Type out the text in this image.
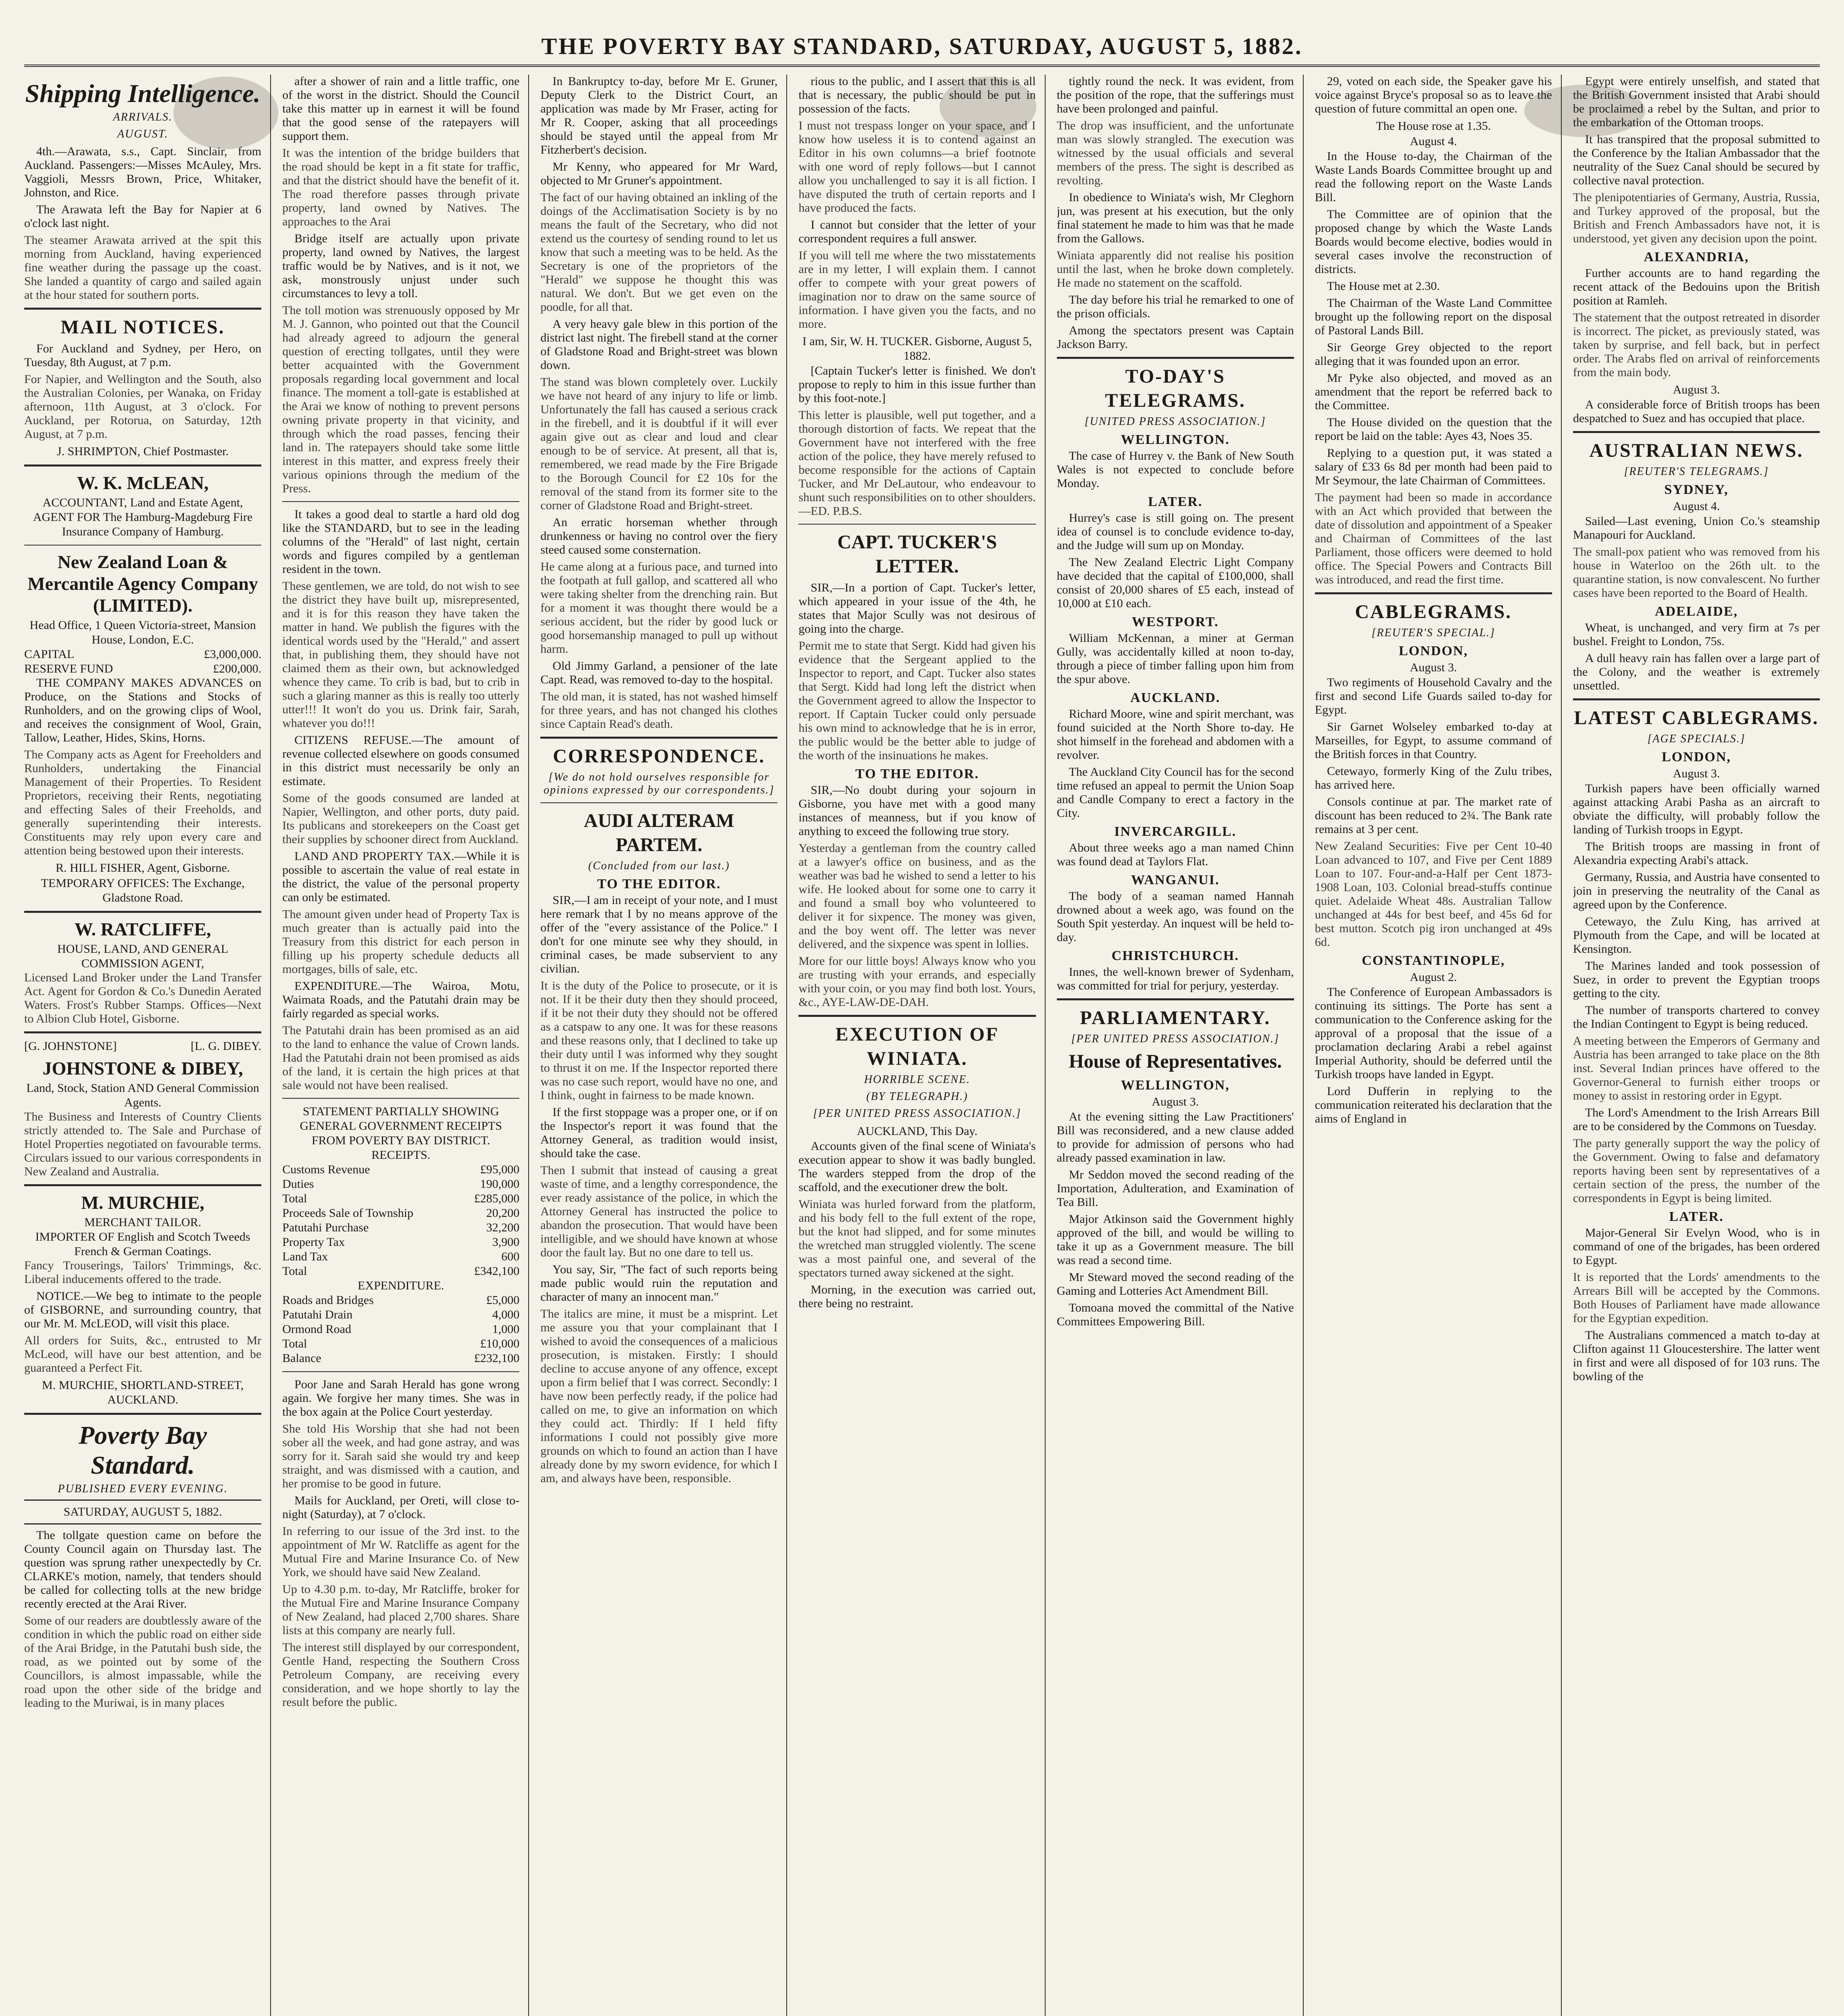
THE POVERTY BAY STANDARD, SATURDAY, AUGUST 5, 1882.
Shipping Intelligence.
ARRIVALS.
AUGUST.

4th.—Arawata, s.s., Capt. Sinclair, from Auckland. Passengers:—Misses McAuley, Mrs. Vaggioli, Messrs Brown, Price, Whitaker, Johnston, and Rice.

The Arawata left the Bay for Napier at 6 o'clock last night.

The steamer Arawata arrived at the spit this morning from Auckland, having experienced fine weather during the passage up the coast. She landed a quantity of cargo and sailed again at the hour stated for southern ports.

MAIL NOTICES.

For Auckland and Sydney, per Hero, on Tuesday, 8th August, at 7 p.m.

For Napier, and Wellington and the South, also the Australian Colonies, per Wanaka, on Friday afternoon, 11th August, at 3 o'clock. For Auckland, per Rotorua, on Saturday, 12th August, at 7 p.m.

J. SHRIMPTON, Chief Postmaster.
W. K. McLEAN,
ACCOUNTANT, Land and Estate Agent,
AGENT FOR The Hamburg-Magdeburg Fire Insurance Company of Hamburg.
New Zealand Loan & Mercantile Agency Company (LIMITED).
Head Office, 1 Queen Victoria-street, Mansion House, London, E.C.
CAPITAL	£3,000,000.
RESERVE FUND	£200,000.

THE COMPANY MAKES ADVANCES on Produce, on the Stations and Stocks of Runholders, and on the growing clips of Wool, and receives the consignment of Wool, Grain, Tallow, Leather, Hides, Skins, Horns.

The Company acts as Agent for Freeholders and Runholders, undertaking the Financial Management of their Properties. To Resident Proprietors, receiving their Rents, negotiating and effecting Sales of their Freeholds, and generally superintending their interests. Constituents may rely upon every care and attention being bestowed upon their interests.

R. HILL FISHER, Agent, Gisborne.
TEMPORARY OFFICES: The Exchange, Gladstone Road.
W. RATCLIFFE,
HOUSE, LAND, AND GENERAL COMMISSION AGENT,

Licensed Land Broker under the Land Transfer Act. Agent for Gordon & Co.'s Dunedin Aerated Waters. Frost's Rubber Stamps. Offices—Next to Albion Club Hotel, Gisborne.

[G. JOHNSTONE]	[L. G. DIBEY.
JOHNSTONE & DIBEY,
Land, Stock, Station AND General Commission Agents.

The Business and Interests of Country Clients strictly attended to. The Sale and Purchase of Hotel Properties negotiated on favourable terms. Circulars issued to our various correspondents in New Zealand and Australia.

M. MURCHIE,
MERCHANT TAILOR.
IMPORTER OF English and Scotch Tweeds French & German Coatings.

Fancy Trouserings, Tailors' Trimmings, &c. Liberal inducements offered to the trade.

NOTICE.—We beg to intimate to the people of GISBORNE, and surrounding country, that our Mr. M. McLEOD, will visit this place.

All orders for Suits, &c., entrusted to Mr McLeod, will have our best attention, and be guaranteed a Perfect Fit.

M. MURCHIE, SHORTLAND-STREET, AUCKLAND.
Poverty Bay Standard.
PUBLISHED EVERY EVENING.
SATURDAY, AUGUST 5, 1882.

The tollgate question came on before the County Council again on Thursday last. The question was sprung rather unexpectedly by Cr. CLARKE's motion, namely, that tenders should be called for collecting tolls at the new bridge recently erected at the Arai River.

Some of our readers are doubtlessly aware of the condition in which the public road on either side of the Arai Bridge, in the Patutahi bush side, the road, as we pointed out by some of the Councillors, is almost impassable, while the road upon the other side of the bridge and leading to the Muriwai, is in many places

after a shower of rain and a little traffic, one of the worst in the district. Should the Council take this matter up in earnest it will be found that the good sense of the ratepayers will support them.

It was the intention of the bridge builders that the road should be kept in a fit state for traffic, and that the district should have the benefit of it. The road therefore passes through private property, land owned by Natives. The approaches to the Arai

Bridge itself are actually upon private property, land owned by Natives, the largest traffic would be by Natives, and is it not, we ask, monstrously unjust under such circumstances to levy a toll.

The toll motion was strenuously opposed by Mr M. J. Gannon, who pointed out that the Council had already agreed to adjourn the general question of erecting tollgates, until they were better acquainted with the Government proposals regarding local government and local finance. The moment a toll-gate is established at the Arai we know of nothing to prevent persons owning private property in that vicinity, and through which the road passes, fencing their land in. The ratepayers should take some little interest in this matter, and express freely their various opinions through the medium of the Press.

It takes a good deal to startle a hard old dog like the STANDARD, but to see in the leading columns of the "Herald" of last night, certain words and figures compiled by a gentleman resident in the town.

These gentlemen, we are told, do not wish to see the district they have built up, misrepresented, and it is for this reason they have taken the matter in hand. We publish the figures with the identical words used by the "Herald," and assert that, in publishing them, they should have not claimed them as their own, but acknowledged whence they came. To crib is bad, but to crib in such a glaring manner as this is really too utterly utter!!! It won't do you us. Drink fair, Sarah, whatever you do!!!

CITIZENS REFUSE.—The amount of revenue collected elsewhere on goods consumed in this district must necessarily be only an estimate.

Some of the goods consumed are landed at Napier, Wellington, and other ports, duty paid. Its publicans and storekeepers on the Coast get their supplies by schooner direct from Auckland.

LAND AND PROPERTY TAX.—While it is possible to ascertain the value of real estate in the district, the value of the personal property can only be estimated.

The amount given under head of Property Tax is much greater than is actually paid into the Treasury from this district for each person in filling up his property schedule deducts all mortgages, bills of sale, etc.

EXPENDITURE.—The Wairoa, Motu, Waimata Roads, and the Patutahi drain may be fairly regarded as special works.

The Patutahi drain has been promised as an aid to the land to enhance the value of Crown lands. Had the Patutahi drain not been promised as aids of the land, it is certain the high prices at that sale would not have been realised.

STATEMENT PARTIALLY SHOWING GENERAL GOVERNMENT RECEIPTS FROM POVERTY BAY DISTRICT.
RECEIPTS.
Customs Revenue	£95,000
Duties	190,000
Total	£285,000
Proceeds Sale of Township	20,200
Patutahi Purchase	32,200
Property Tax	3,900
Land Tax	600
Total	£342,100
EXPENDITURE.
Roads and Bridges	£5,000
Patutahi Drain	4,000
Ormond Road	1,000
Total	£10,000
Balance	£232,100

Poor Jane and Sarah Herald has gone wrong again. We forgive her many times. She was in the box again at the Police Court yesterday.

She told His Worship that she had not been sober all the week, and had gone astray, and was sorry for it. Sarah said she would try and keep straight, and was dismissed with a caution, and her promise to be good in future.

Mails for Auckland, per Oreti, will close to-night (Saturday), at 7 o'clock.

In referring to our issue of the 3rd inst. to the appointment of Mr W. Ratcliffe as agent for the Mutual Fire and Marine Insurance Co. of New York, we should have said New Zealand.

Up to 4.30 p.m. to-day, Mr Ratcliffe, broker for the Mutual Fire and Marine Insurance Company of New Zealand, had placed 2,700 shares. Share lists at this company are nearly full.

The interest still displayed by our correspondent, Gentle Hand, respecting the Southern Cross Petroleum Company, are receiving every consideration, and we hope shortly to lay the result before the public.

In Bankruptcy to-day, before Mr E. Gruner, Deputy Clerk to the District Court, an application was made by Mr Fraser, acting for Mr R. Cooper, asking that all proceedings should be stayed until the appeal from Mr Fitzherbert's decision.

Mr Kenny, who appeared for Mr Ward, objected to Mr Gruner's appointment.

The fact of our having obtained an inkling of the doings of the Acclimatisation Society is by no means the fault of the Secretary, who did not extend us the courtesy of sending round to let us know that such a meeting was to be held. As the Secretary is one of the proprietors of the "Herald" we suppose he thought this was natural. We don't. But we get even on the poodle, for all that.

A very heavy gale blew in this portion of the district last night. The firebell stand at the corner of Gladstone Road and Bright-street was blown down.

The stand was blown completely over. Luckily we have not heard of any injury to life or limb. Unfortunately the fall has caused a serious crack in the firebell, and it is doubtful if it will ever again give out as clear and loud and clear enough to be of service. At present, all that is, remembered, we read made by the Fire Brigade to the Borough Council for £2 10s for the removal of the stand from its former site to the corner of Gladstone Road and Bright-street.

An erratic horseman whether through drunkenness or having no control over the fiery steed caused some consternation.

He came along at a furious pace, and turned into the footpath at full gallop, and scattered all who were taking shelter from the drenching rain. But for a moment it was thought there would be a serious accident, but the rider by good luck or good horsemanship managed to pull up without harm.

Old Jimmy Garland, a pensioner of the late Capt. Read, was removed to-day to the hospital.

The old man, it is stated, has not washed himself for three years, and has not changed his clothes since Captain Read's death.

CORRESPONDENCE.
[We do not hold ourselves responsible for opinions expressed by our correspondents.]
AUDI ALTERAM PARTEM.
(Concluded from our last.)
TO THE EDITOR.

SIR,—I am in receipt of your note, and I must here remark that I by no means approve of the offer of the "every assistance of the Police." I don't for one minute see why they should, in criminal cases, be made subservient to any civilian.

It is the duty of the Police to prosecute, or it is not. If it be their duty then they should proceed, if it be not their duty they should not be offered as a catspaw to any one. It was for these reasons and these reasons only, that I declined to take up their duty until I was informed why they sought to thrust it on me. If the Inspector reported there was no case such report, would have no one, and I think, ought in fairness to be made known.

If the first stoppage was a proper one, or if on the Inspector's report it was found that the Attorney General, as tradition would insist, should take the case.

Then I submit that instead of causing a great waste of time, and a lengthy correspondence, the ever ready assistance of the police, in which the Attorney General has instructed the police to abandon the prosecution. That would have been intelligible, and we should have known at whose door the fault lay. But no one dare to tell us.

You say, Sir, "The fact of such reports being made public would ruin the reputation and character of many an innocent man."

The italics are mine, it must be a misprint. Let me assure you that your complainant that I wished to avoid the consequences of a malicious prosecution, is mistaken. Firstly: I should decline to accuse anyone of any offence, except upon a firm belief that I was correct. Secondly: I have now been perfectly ready, if the police had called on me, to give an information on which they could act. Thirdly: If I held fifty informations I could not possibly give more grounds on which to found an action than I have already done by my sworn evidence, for which I am, and always have been, responsible.

rious to the public, and I assert that this is all that is necessary, the public should be put in possession of the facts.

I must not trespass longer on your space, and I know how useless it is to contend against an Editor in his own columns—a brief footnote with one word of reply follows—but I cannot allow you unchallenged to say it is all fiction. I have disputed the truth of certain reports and I have produced the facts.

I cannot but consider that the letter of your correspondent requires a full answer.

If you will tell me where the two misstatements are in my letter, I will explain them. I cannot offer to compete with your great powers of imagination nor to draw on the same source of information. I have given you the facts, and no more.

I am, Sir, W. H. TUCKER. Gisborne, August 5, 1882.

[Captain Tucker's letter is finished. We don't propose to reply to him in this issue further than by this foot-note.]

This letter is plausible, well put together, and a thorough distortion of facts. We repeat that the Government have not interfered with the free action of the police, they have merely refused to become responsible for the actions of Captain Tucker, and Mr DeLautour, who endeavour to shunt such responsibilities on to other shoulders.—ED. P.B.S.

CAPT. TUCKER'S LETTER.

SIR,—In a portion of Capt. Tucker's letter, which appeared in your issue of the 4th, he states that Major Scully was not desirous of going into the charge.

Permit me to state that Sergt. Kidd had given his evidence that the Sergeant applied to the Inspector to report, and Capt. Tucker also states that Sergt. Kidd had long left the district when the Government agreed to allow the Inspector to report. If Captain Tucker could only persuade his own mind to acknowledge that he is in error, the public would be the better able to judge of the worth of the insinuations he makes.

TO THE EDITOR.

SIR,—No doubt during your sojourn in Gisborne, you have met with a good many instances of meanness, but if you know of anything to exceed the following true story.

Yesterday a gentleman from the country called at a lawyer's office on business, and as the weather was bad he wished to send a letter to his wife. He looked about for some one to carry it and found a small boy who volunteered to deliver it for sixpence. The money was given, and the boy went off. The letter was never delivered, and the sixpence was spent in lollies.

More for our little boys! Always know who you are trusting with your errands, and especially with your coin, or you may find both lost. Yours, &c., AYE-LAW-DE-DAH.

EXECUTION OF WINIATA.
HORRIBLE SCENE.
(BY TELEGRAPH.)
[PER UNITED PRESS ASSOCIATION.]
AUCKLAND, This Day.

Accounts given of the final scene of Winiata's execution appear to show it was badly bungled. The warders stepped from the drop of the scaffold, and the executioner drew the bolt.

Winiata was hurled forward from the platform, and his body fell to the full extent of the rope, but the knot had slipped, and for some minutes the wretched man struggled violently. The scene was a most painful one, and several of the spectators turned away sickened at the sight.

Morning, in the execution was carried out, there being no restraint.

tightly round the neck. It was evident, from the position of the rope, that the sufferings must have been prolonged and painful.

The drop was insufficient, and the unfortunate man was slowly strangled. The execution was witnessed by the usual officials and several members of the press. The sight is described as revolting.

In obedience to Winiata's wish, Mr Cleghorn jun, was present at his execution, but the only final statement he made to him was that he made from the Gallows.

Winiata apparently did not realise his position until the last, when he broke down completely. He made no statement on the scaffold.

The day before his trial he remarked to one of the prison officials.

Among the spectators present was Captain Jackson Barry.

TO-DAY'S TELEGRAMS.
[UNITED PRESS ASSOCIATION.]
WELLINGTON.

The case of Hurrey v. the Bank of New South Wales is not expected to conclude before Monday.

LATER.

Hurrey's case is still going on. The present idea of counsel is to conclude evidence to-day, and the Judge will sum up on Monday.

The New Zealand Electric Light Company have decided that the capital of £100,000, shall consist of 20,000 shares of £5 each, instead of 10,000 at £10 each.

WESTPORT.

William McKennan, a miner at German Gully, was accidentally killed at noon to-day, through a piece of timber falling upon him from the spur above.

AUCKLAND.

Richard Moore, wine and spirit merchant, was found suicided at the North Shore to-day. He shot himself in the forehead and abdomen with a revolver.

The Auckland City Council has for the second time refused an appeal to permit the Union Soap and Candle Company to erect a factory in the City.

INVERCARGILL.

About three weeks ago a man named Chinn was found dead at Taylors Flat.

WANGANUI.

The body of a seaman named Hannah drowned about a week ago, was found on the South Spit yesterday. An inquest will be held to-day.

CHRISTCHURCH.

Innes, the well-known brewer of Sydenham, was committed for trial for perjury, yesterday.

PARLIAMENTARY.
[PER UNITED PRESS ASSOCIATION.]
House of Representatives.
WELLINGTON,
August 3.

At the evening sitting the Law Practitioners' Bill was reconsidered, and a new clause added to provide for admission of persons who had already passed examination in law.

Mr Seddon moved the second reading of the Importation, Adulteration, and Examination of Tea Bill.

Major Atkinson said the Government highly approved of the bill, and would be willing to take it up as a Government measure. The bill was read a second time.

Mr Steward moved the second reading of the Gaming and Lotteries Act Amendment Bill.

Tomoana moved the committal of the Native Committees Empowering Bill.

29, voted on each side, the Speaker gave his voice against Bryce's proposal so as to leave the question of future committal an open one.

The House rose at 1.35.
August 4.

In the House to-day, the Chairman of the Waste Lands Boards Committee brought up and read the following report on the Waste Lands Bill.

The Committee are of opinion that the proposed change by which the Waste Lands Boards would become elective, bodies would in several cases involve the reconstruction of districts.

The House met at 2.30.

The Chairman of the Waste Land Committee brought up the following report on the disposal of Pastoral Lands Bill.

Sir George Grey objected to the report alleging that it was founded upon an error.

Mr Pyke also objected, and moved as an amendment that the report be referred back to the Committee.

The House divided on the question that the report be laid on the table: Ayes 43, Noes 35.

Replying to a question put, it was stated a salary of £33 6s 8d per month had been paid to Mr Seymour, the late Chairman of Committees.

The payment had been so made in accordance with an Act which provided that between the date of dissolution and appointment of a Speaker and Chairman of Committees of the last Parliament, those officers were deemed to hold office. The Special Powers and Contracts Bill was introduced, and read the first time.

CABLEGRAMS.
[REUTER'S SPECIAL.]
LONDON,
August 3.

Two regiments of Household Cavalry and the first and second Life Guards sailed to-day for Egypt.

Sir Garnet Wolseley embarked to-day at Marseilles, for Egypt, to assume command of the British forces in that Country.

Cetewayo, formerly King of the Zulu tribes, has arrived here.

Consols continue at par. The market rate of discount has been reduced to 2¾. The Bank rate remains at 3 per cent.

New Zealand Securities: Five per Cent 10-40 Loan advanced to 107, and Five per Cent 1889 Loan to 107. Four-and-a-Half per Cent 1873-1908 Loan, 103. Colonial bread-stuffs continue quiet. Adelaide Wheat 48s. Australian Tallow unchanged at 44s for best beef, and 45s 6d for best mutton. Scotch pig iron unchanged at 49s 6d.

CONSTANTINOPLE,
August 2.

The Conference of European Ambassadors is continuing its sittings. The Porte has sent a communication to the Conference asking for the approval of a proposal that the issue of a proclamation declaring Arabi a rebel against Imperial Authority, should be deferred until the Turkish troops have landed in Egypt.

Lord Dufferin in replying to the communication reiterated his declaration that the aims of England in

Egypt were entirely unselfish, and stated that the British Government insisted that Arabi should be proclaimed a rebel by the Sultan, and prior to the embarkation of the Ottoman troops.

It has transpired that the proposal submitted to the Conference by the Italian Ambassador that the neutrality of the Suez Canal should be secured by collective naval protection.

The plenipotentiaries of Germany, Austria, Russia, and Turkey approved of the proposal, but the British and French Ambassadors have not, it is understood, yet given any decision upon the point.

ALEXANDRIA,

Further accounts are to hand regarding the recent attack of the Bedouins upon the British position at Ramleh.

The statement that the outpost retreated in disorder is incorrect. The picket, as previously stated, was taken by surprise, and fell back, but in perfect order. The Arabs fled on arrival of reinforcements from the main body.

August 3.

A considerable force of British troops has been despatched to Suez and has occupied that place.

AUSTRALIAN NEWS.
[REUTER'S TELEGRAMS.]
SYDNEY,
August 4.

Sailed—Last evening, Union Co.'s steamship Manapouri for Auckland.

The small-pox patient who was removed from his house in Waterloo on the 26th ult. to the quarantine station, is now convalescent. No further cases have been reported to the Board of Health.

ADELAIDE,

Wheat, is unchanged, and very firm at 7s per bushel. Freight to London, 75s.

A dull heavy rain has fallen over a large part of the Colony, and the weather is extremely unsettled.

LATEST CABLEGRAMS.
[AGE SPECIALS.]
LONDON,
August 3.

Turkish papers have been officially warned against attacking Arabi Pasha as an aircraft to obviate the difficulty, will probably follow the landing of Turkish troops in Egypt.

The British troops are massing in front of Alexandria expecting Arabi's attack.

Germany, Russia, and Austria have consented to join in preserving the neutrality of the Canal as agreed upon by the Conference.

Cetewayo, the Zulu King, has arrived at Plymouth from the Cape, and will be located at Kensington.

The Marines landed and took possession of Suez, in order to prevent the Egyptian troops getting to the city.

The number of transports chartered to convey the Indian Contingent to Egypt is being reduced.

A meeting between the Emperors of Germany and Austria has been arranged to take place on the 8th inst. Several Indian princes have offered to the Governor-General to furnish either troops or money to assist in restoring order in Egypt.

The Lord's Amendment to the Irish Arrears Bill are to be considered by the Commons on Tuesday.

The party generally support the way the policy of the Government. Owing to false and defamatory reports having been sent by representatives of a certain section of the press, the number of the correspondents in Egypt is being limited.

LATER.

Major-General Sir Evelyn Wood, who is in command of one of the brigades, has been ordered to Egypt.

It is reported that the Lords' amendments to the Arrears Bill will be accepted by the Commons. Both Houses of Parliament have made allowance for the Egyptian expedition.

The Australians commenced a match to-day at Clifton against 11 Gloucestershire. The latter went in first and were all disposed of for 103 runs. The bowling of the
